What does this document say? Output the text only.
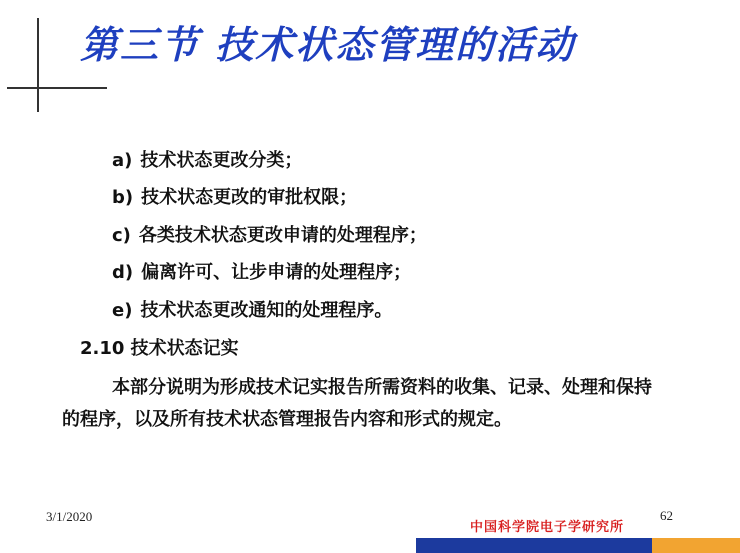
第三节 技术状态管理的活动
a) 技术状态更改分类；
b) 技术状态更改的审批权限；
c) 各类技术状态更改申请的处理程序；
d) 偏离许可、让步申请的处理程序；
e) 技术状态更改通知的处理程序。
2.10 技术状态记实
本部分说明为形成技术记实报告所需资料的收集、记录、处理和保持的程序，以及所有技术状态管理报告内容和形式的规定。
3/1/2020
中国科学院电子学研究所
62
